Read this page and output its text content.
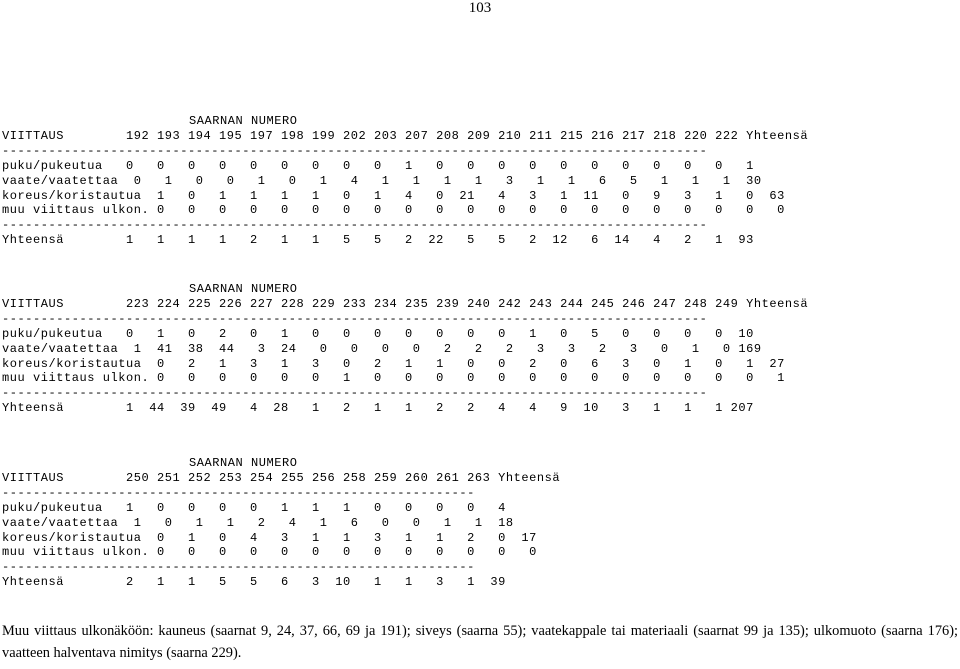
103
SAARNAN NUMERO
VIITTAUS        192 193 194 195 197 198 199 202 203 207 208 209 210 211 215 216 217 218 220 222 Yhteensä
-------------------------------------------------------------------------------------------
puku/pukeutua   0   0   0   0   0   0   0   0   0   1   0   0   0   0   0   0   0   0   0   0   1
vaate/vaatettaa  0   1   0   0   1   0   1   4   1   1   1   1   3   1   1   6   5   1   1   1  30
koreus/koristautua  1   0   1   1   1   1   0   1   4   0  21   4   3   1  11   0   9   3   1   0  63
muu viittaus ulkon. 0   0   0   0   0   0   0   0   0   0   0   0   0   0   0   0   0   0   0   0   0
-------------------------------------------------------------------------------------------
Yhteensä        1   1   1   1   2   1   1   5   5   2  22   5   5   2  12   6  14   4   2   1  93
SAARNAN NUMERO
VIITTAUS        223 224 225 226 227 228 229 233 234 235 239 240 242 243 244 245 246 247 248 249 Yhteensä
-------------------------------------------------------------------------------------------
puku/pukeutua   0   1   0   2   0   1   0   0   0   0   0   0   0   1   0   5   0   0   0   0  10
vaate/vaatettaa  1  41  38  44   3  24   0   0   0   0   2   2   2   3   3   2   3   0   1   0 169
koreus/koristautua  0   2   1   3   1   3   0   2   1   1   0   0   2   0   6   3   0   1   0   1  27
muu viittaus ulkon. 0   0   0   0   0   0   1   0   0   0   0   0   0   0   0   0   0   0   0   0   1
-------------------------------------------------------------------------------------------
Yhteensä        1  44  39  49   4  28   1   2   1   1   2   2   4   4   9  10   3   1   1   1 207
SAARNAN NUMERO
VIITTAUS        250 251 252 253 254 255 256 258 259 260 261 263 Yhteensä
-------------------------------------------------------------
puku/pukeutua   1   0   0   0   0   1   1   1   0   0   0   0   4
vaate/vaatettaa  1   0   1   1   2   4   1   6   0   0   1   1  18
koreus/koristautua  0   1   0   4   3   1   1   3   1   1   2   0  17
muu viittaus ulkon. 0   0   0   0   0   0   0   0   0   0   0   0   0
-------------------------------------------------------------
Yhteensä        2   1   1   5   5   6   3  10   1   1   3   1  39

Muu viittaus ulkonäköön: kauneus (saarnat 9, 24, 37, 66, 69 ja 191); siveys (saarna 55); vaatekappale tai materiaali (saarnat 99 ja 135); ulkomuoto (saarna 176); vaatteen halventava nimitys (saarna 229).
